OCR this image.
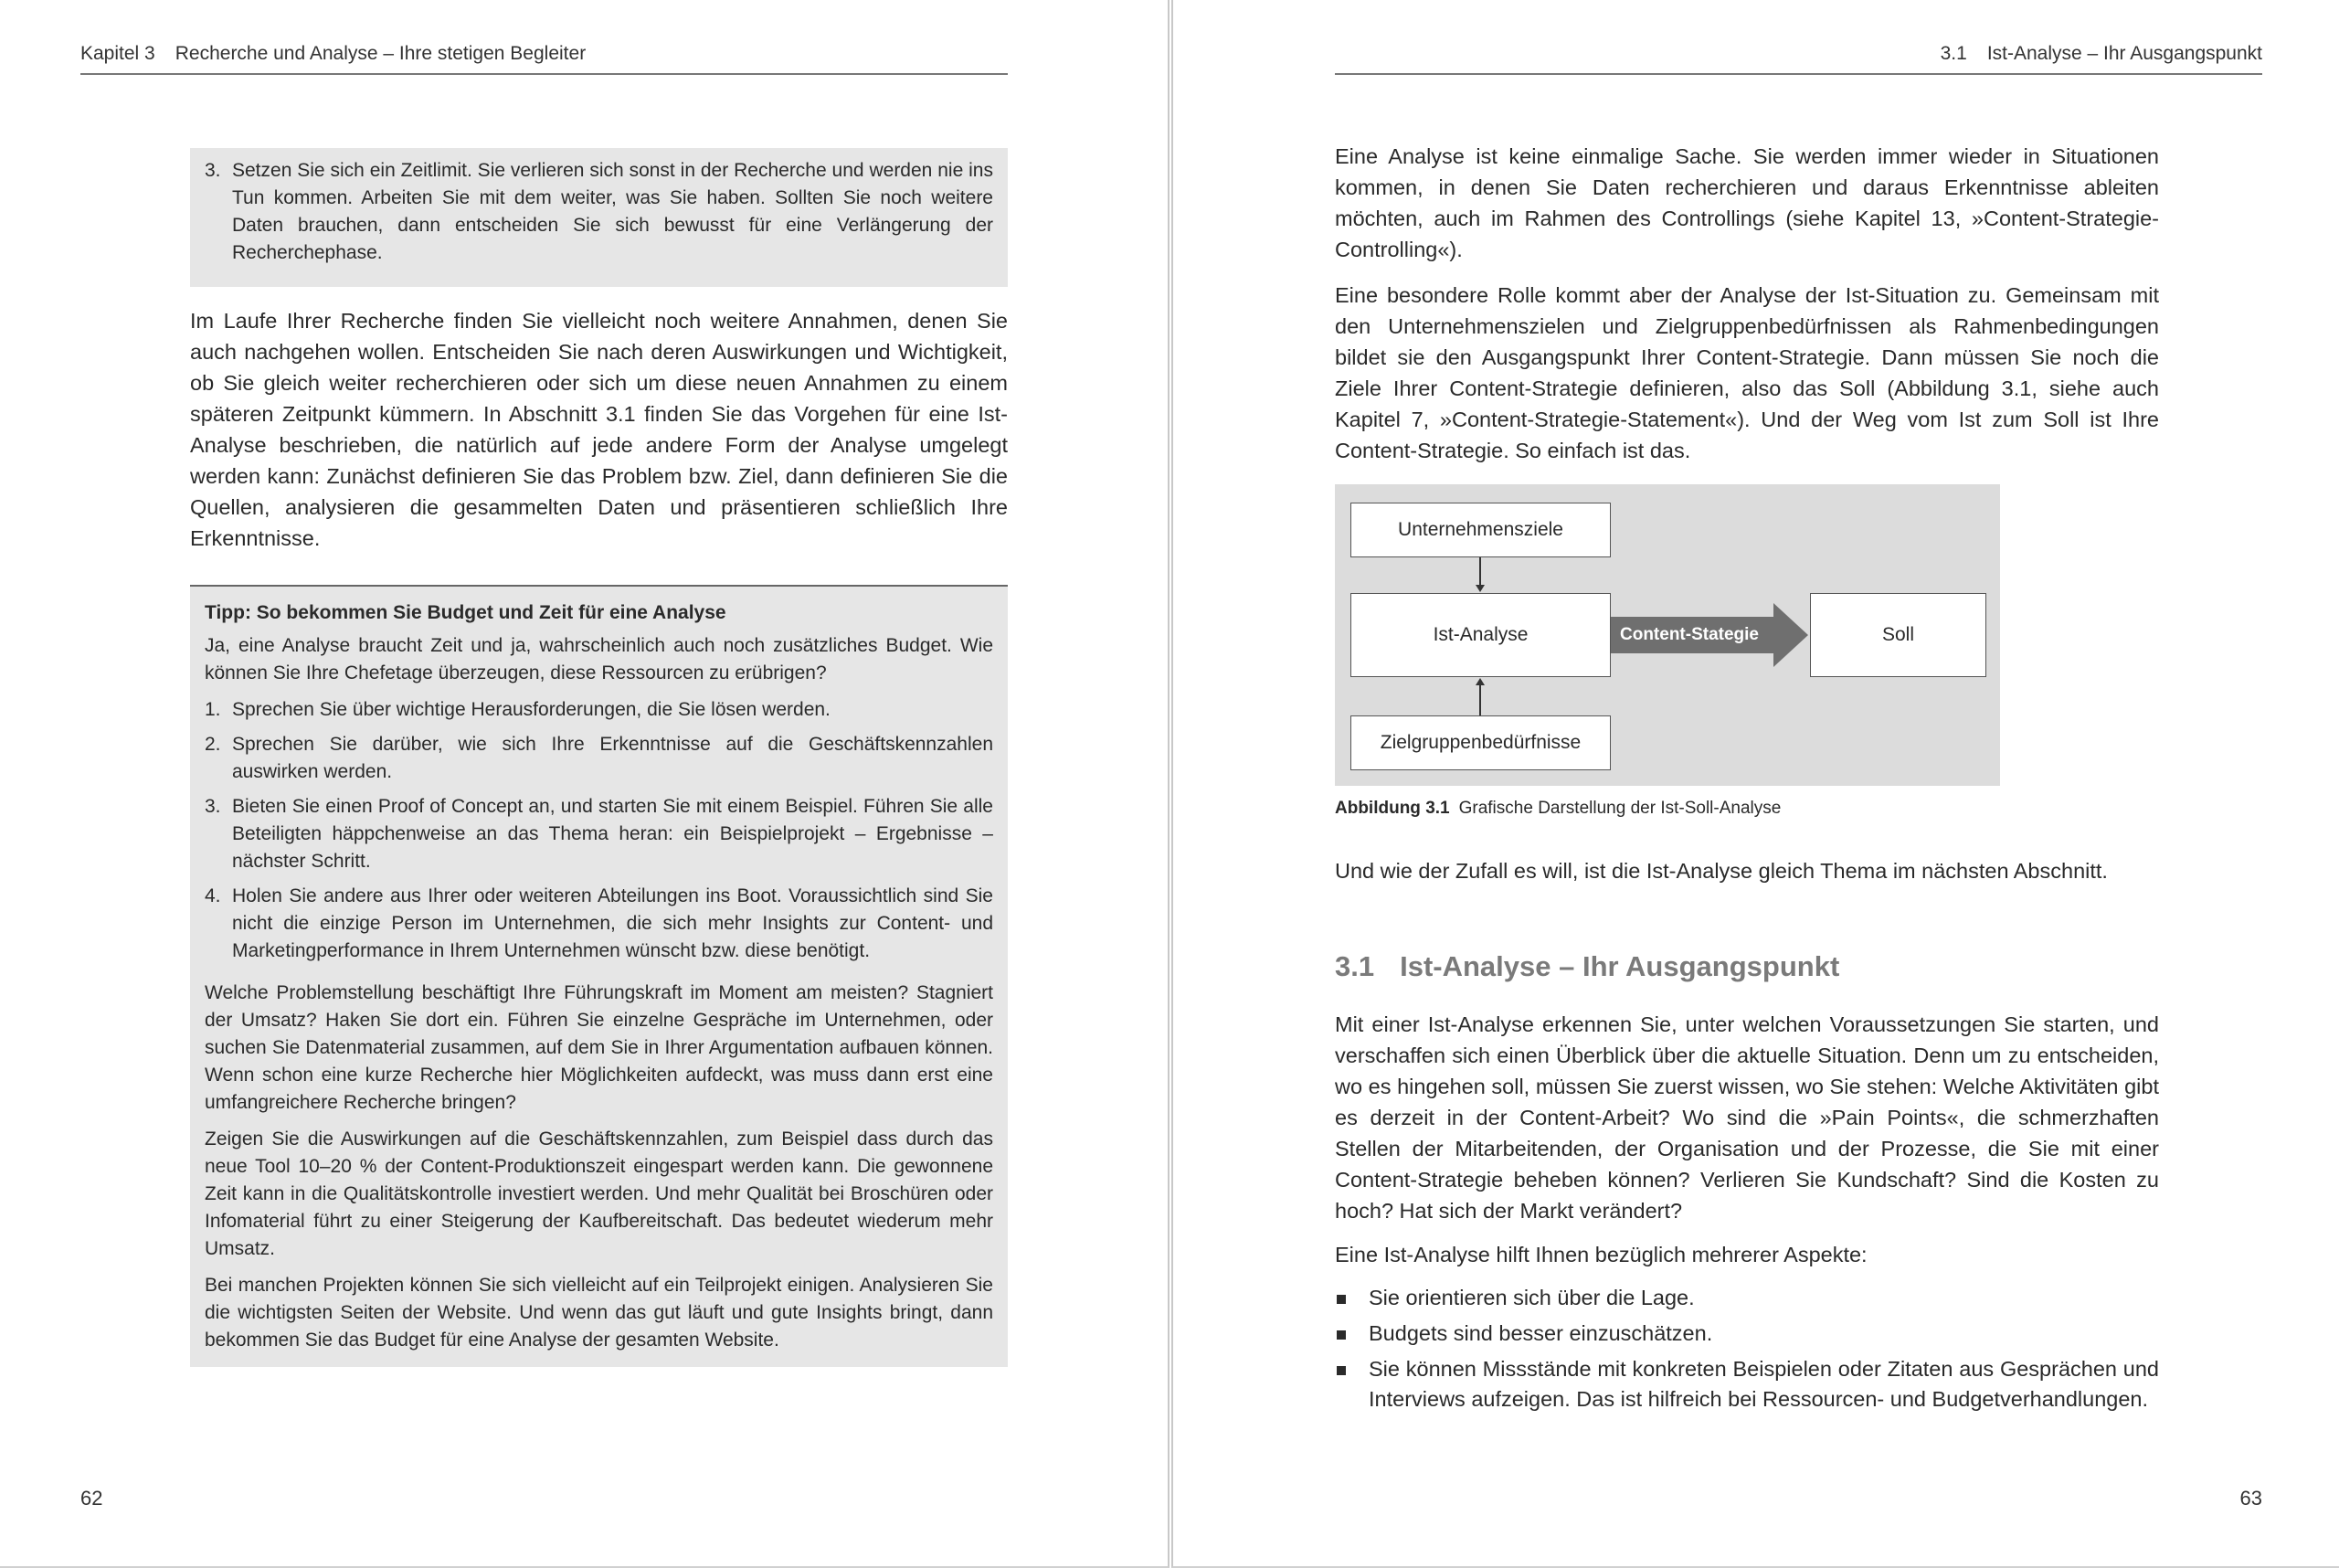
Kapitel 3 Recherche und Analyse – Ihre stetigen Begleiter
3. Setzen Sie sich ein Zeitlimit. Sie verlieren sich sonst in der Recherche und werden nie ins Tun kommen. Arbeiten Sie mit dem weiter, was Sie haben. Sollten Sie noch weitere Daten brauchen, dann entscheiden Sie sich bewusst für eine Verlängerung der Recherchephase.

Im Laufe Ihrer Recherche finden Sie vielleicht noch weitere Annahmen, denen Sie auch nachgehen wollen. Entscheiden Sie nach deren Auswirkungen und Wichtigkeit, ob Sie gleich weiter recherchieren oder sich um diese neuen Annahmen zu einem späteren Zeitpunkt kümmern. In Abschnitt 3.1 finden Sie das Vorgehen für eine Ist-Analyse beschrieben, die natürlich auf jede andere Form der Analyse umgelegt werden kann: Zunächst definieren Sie das Problem bzw. Ziel, dann definieren Sie die Quellen, analysieren die gesammelten Daten und präsentieren schließlich Ihre Erkenntnisse.

Tipp: So bekommen Sie Budget und Zeit für eine Analyse

Ja, eine Analyse braucht Zeit und ja, wahrscheinlich auch noch zusätzliches Budget. Wie können Sie Ihre Chefetage überzeugen, diese Ressourcen zu erübrigen?

1. Sprechen Sie über wichtige Herausforderungen, die Sie lösen werden.
2. Sprechen Sie darüber, wie sich Ihre Erkenntnisse auf die Geschäftskennzahlen auswirken werden.
3. Bieten Sie einen Proof of Concept an, und starten Sie mit einem Beispiel. Führen Sie alle Beteiligten häppchenweise an das Thema heran: ein Beispielprojekt – Ergebnisse – nächster Schritt.
4. Holen Sie andere aus Ihrer oder weiteren Abteilungen ins Boot. Voraussichtlich sind Sie nicht die einzige Person im Unternehmen, die sich mehr Insights zur Content- und Marketingperformance in Ihrem Unternehmen wünscht bzw. diese benötigt.

Welche Problemstellung beschäftigt Ihre Führungskraft im Moment am meisten? Stagniert der Umsatz? Haken Sie dort ein. Führen Sie einzelne Gespräche im Unternehmen, oder suchen Sie Datenmaterial zusammen, auf dem Sie in Ihrer Argumentation aufbauen können. Wenn schon eine kurze Recherche hier Möglichkeiten aufdeckt, was muss dann erst eine umfangreichere Recherche bringen?

Zeigen Sie die Auswirkungen auf die Geschäftskennzahlen, zum Beispiel dass durch das neue Tool 10–20 % der Content-Produktionszeit eingespart werden kann. Die gewonnene Zeit kann in die Qualitätskontrolle investiert werden. Und mehr Qualität bei Broschüren oder Infomaterial führt zu einer Steigerung der Kaufbereitschaft. Das bedeutet wiederum mehr Umsatz.

Bei manchen Projekten können Sie sich vielleicht auf ein Teilprojekt einigen. Analysieren Sie die wichtigsten Seiten der Website. Und wenn das gut läuft und gute Insights bringt, dann bekommen Sie das Budget für eine Analyse der gesamten Website.

62
3.1 Ist-Analyse – Ihr Ausgangspunkt

Eine Analyse ist keine einmalige Sache. Sie werden immer wieder in Situationen kommen, in denen Sie Daten recherchieren und daraus Erkenntnisse ableiten möchten, auch im Rahmen des Controllings (siehe Kapitel 13, »Content-Strategie-Controlling«).

Eine besondere Rolle kommt aber der Analyse der Ist-Situation zu. Gemeinsam mit den Unternehmenszielen und Zielgruppenbedürfnissen als Rahmenbedingungen bildet sie den Ausgangspunkt Ihrer Content-Strategie. Dann müssen Sie noch die Ziele Ihrer Content-Strategie definieren, also das Soll (Abbildung 3.1, siehe auch Kapitel 7, »Content-Strategie-Statement«). Und der Weg vom Ist zum Soll ist Ihre Content-Strategie. So einfach ist das.

Unternehmensziele
Ist-Analyse
Zielgruppenbedürfnisse
Soll
Content-Stategie
Abbildung 3.1 Grafische Darstellung der Ist-Soll-Analyse

Und wie der Zufall es will, ist die Ist-Analyse gleich Thema im nächsten Abschnitt.

3.1 Ist-Analyse – Ihr Ausgangspunkt

Mit einer Ist-Analyse erkennen Sie, unter welchen Voraussetzungen Sie starten, und verschaffen sich einen Überblick über die aktuelle Situation. Denn um zu entscheiden, wo es hingehen soll, müssen Sie zuerst wissen, wo Sie stehen: Welche Aktivitäten gibt es derzeit in der Content-Arbeit? Wo sind die »Pain Points«, die schmerzhaften Stellen der Mitarbeitenden, der Organisation und der Prozesse, die Sie mit einer Content-Strategie beheben können? Verlieren Sie Kundschaft? Sind die Kosten zu hoch? Hat sich der Markt verändert?

Eine Ist-Analyse hilft Ihnen bezüglich mehrerer Aspekte:

Sie orientieren sich über die Lage.
Budgets sind besser einzuschätzen.
Sie können Missstände mit konkreten Beispielen oder Zitaten aus Gesprächen und Interviews aufzeigen. Das ist hilfreich bei Ressourcen- und Budgetverhandlungen.
63
